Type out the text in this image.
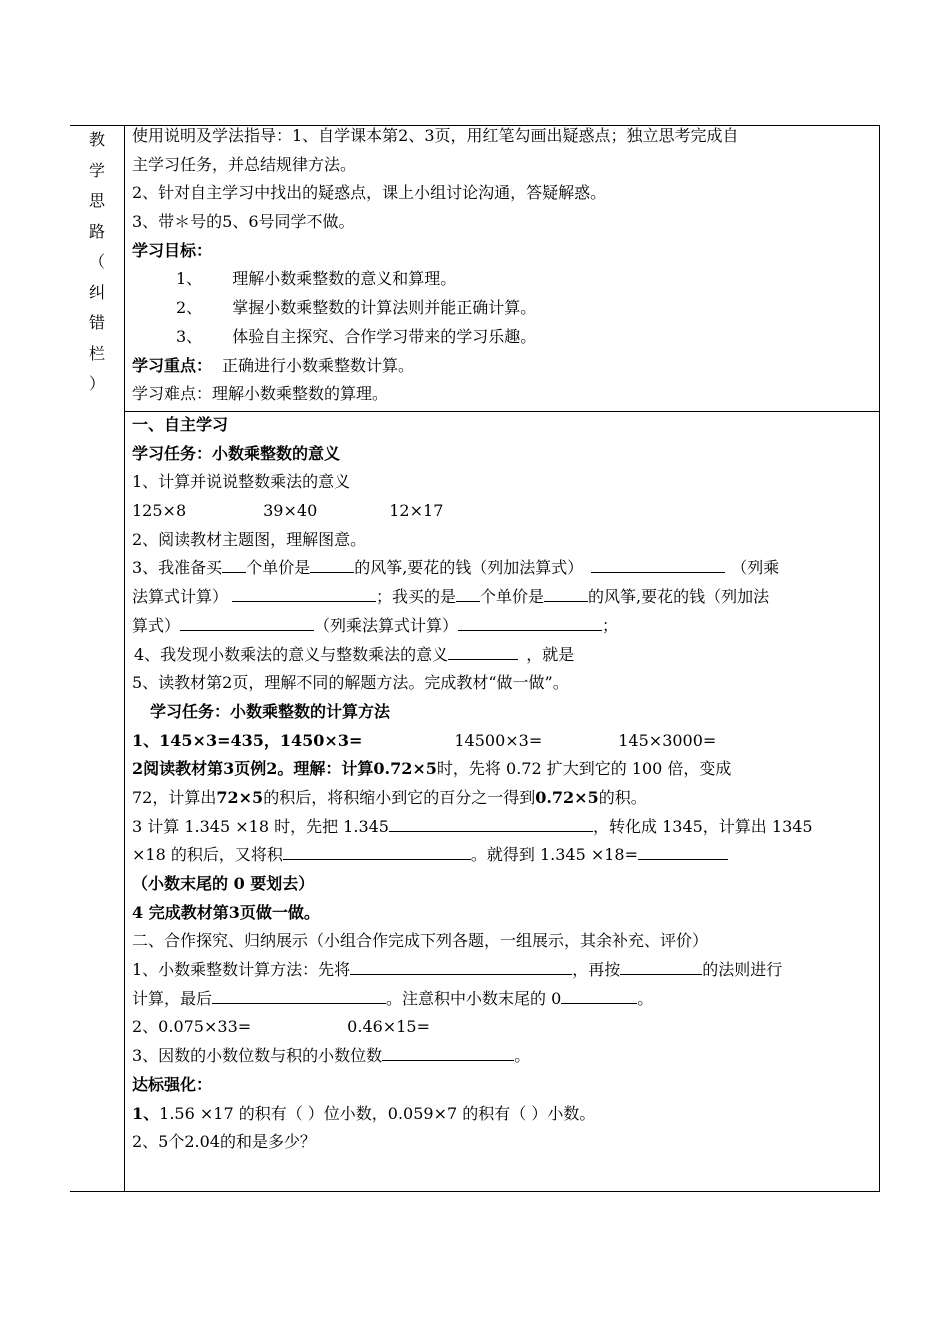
教
学
思
路
（
纠
错
栏
）
使用说明及学法指导：1、自学课本第2、3页，用红笔勾画出疑惑点；独立思考完成自
主学习任务，并总结规律方法。
2、针对自主学习中找出的疑惑点，课上小组讨论沟通，答疑解惑。
3、带＊号的5、6号同学不做。
学习目标：
1、 理解小数乘整数的意义和算理。
2、 掌握小数乘整数的计算法则并能正确计算。
3、 体验自主探究、合作学习带来的学习乐趣。
学习重点： 正确进行小数乘整数计算。
学习难点：理解小数乘整数的算理。
一、自主学习
学习任务：小数乘整数的意义
1、计算并说说整数乘法的意义
125×8	39×40	12×17
2、阅读教材主题图，理解图意。
3、我准备买 个单价是	的风筝,要花的钱（列加法算式）	（列乘
法算式计算）	；我买的是 个单价是	的风筝,要花的钱（列加法
算式）	（列乘法算式计算）	；
4、我发现小数乘法的意义与整数乘法的意义	，就是
5、读教材第2页，理解不同的解题方法。完成教材“做一做”。
学习任务：小数乘整数的计算方法
1、145×3=435，1450×3=	14500×3=	145×3000=
2阅读教材第3页例2。理解：计算0.72×5时，先将 0.72 扩大到它的 100 倍，变成
72，计算出72×5的积后，将积缩小到它的百分之一得到0.72×5的积。
3 计算 1.345 ×18 时，先把 1.345	，转化成 1345，计算出 1345
×18 的积后，又将积	。就得到 1.345 ×18=
（小数末尾的 0 要划去）
4 完成教材第3页做一做。
二、合作探究、归纳展示（小组合作完成下列各题，一组展示，其余补充、评价）
1、小数乘整数计算方法：先将	，再按	的法则进行
计算，最后	。注意积中小数末尾的 0	。
2、0.075×33=	0.46×15=
3、因数的小数位数与积的小数位数	。
达标强化：
1、1.56 ×17 的积有（ ）位小数，0.059×7 的积有（ ）小数。
2、5个2.04的和是多少？
